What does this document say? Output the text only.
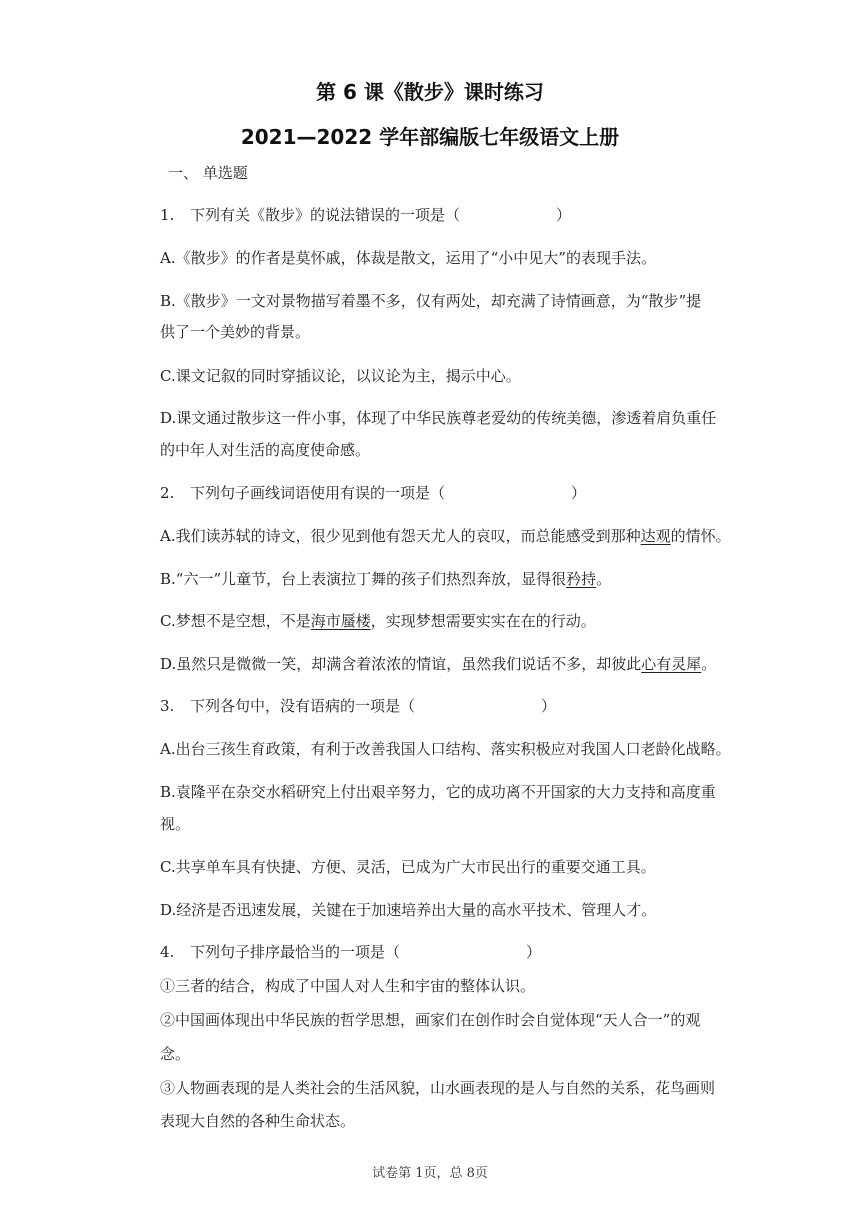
第 6 课《散步》课时练习
2021—2022 学年部编版七年级语文上册
一、 单选题
1. 下列有关《散步》的说法错误的一项是（	）
A.《散步》的作者是莫怀戚，体裁是散文，运用了“小中见大”的表现手法。
B.《散步》一文对景物描写着墨不多，仅有两处，却充满了诗情画意，为“散步”提
供了一个美妙的背景。
C.课文记叙的同时穿插议论，以议论为主，揭示中心。
D.课文通过散步这一件小事，体现了中华民族尊老爱幼的传统美德，渗透着肩负重任
的中年人对生活的高度使命感。
2. 下列句子画线词语使用有误的一项是（	）
A.我们读苏轼的诗文，很少见到他有怨天尤人的哀叹，而总能感受到那种达观的情怀。
B.“六一”儿童节，台上表演拉丁舞的孩子们热烈奔放，显得很矜持。
C.梦想不是空想，不是海市蜃楼，实现梦想需要实实在在的行动。
D.虽然只是微微一笑，却满含着浓浓的情谊，虽然我们说话不多，却彼此心有灵犀。
3. 下列各句中，没有语病的一项是（	）
A.出台三孩生育政策，有利于改善我国人口结构、落实积极应对我国人口老龄化战略。
B.袁隆平在杂交水稻研究上付出艰辛努力，它的成功离不开国家的大力支持和高度重
视。
C.共享单车具有快捷、方便、灵活，已成为广大市民出行的重要交通工具。
D.经济是否迅速发展，关键在于加速培养出大量的高水平技术、管理人才。
4. 下列句子排序最恰当的一项是（	）
①三者的结合，构成了中国人对人生和宇宙的整体认识。
②中国画体现出中华民族的哲学思想，画家们在创作时会自觉体现“天人合一”的观
念。
③人物画表现的是人类社会的生活风貌，山水画表现的是人与自然的关系，花鸟画则
表现大自然的各种生命状态。
试卷第 1页，总 8页
